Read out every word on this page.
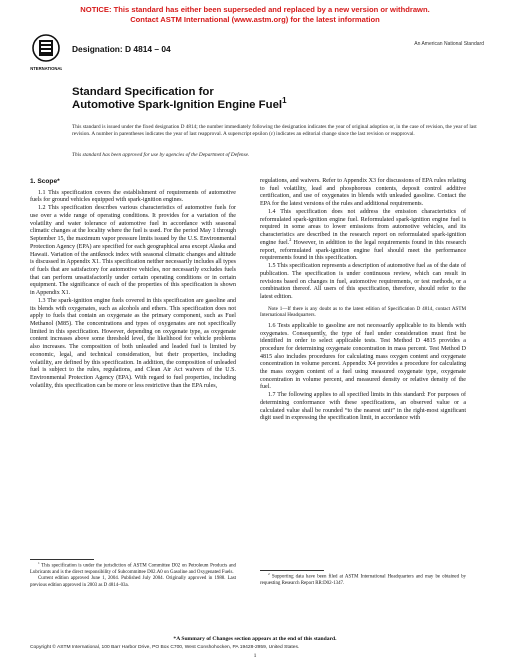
NOTICE: This standard has either been superseded and replaced by a new version or withdrawn.
Contact ASTM International (www.astm.org) for the latest information
INTERNATIONAL
Designation: D 4814 – 04	An American National Standard
Standard Specification for
Automotive Spark-Ignition Engine Fuel$^1$
This standard is issued under the fixed designation D 4814; the number immediately following the designation indicates the year of original adoption or, in the case of revision, the year of last revision. A number in parentheses indicates the year of last reapproval. A superscript epsilon (ε) indicates an editorial change since the last revision or reapproval.
This standard has been approved for use by agencies of the Department of Defense.
1. Scope*

1.1 This specification covers the establishment of requirements of automotive fuels for ground vehicles equipped with spark-ignition engines.

1.2 This specification describes various characteristics of automotive fuels for use over a wide range of operating conditions. It provides for a variation of the volatility and water tolerance of automotive fuel in accordance with seasonal climatic changes at the locality where the fuel is used. For the period May 1 through September 15, the maximum vapor pressure limits issued by the U.S. Environmental Protection Agency (EPA) are specified for each geographical area except Alaska and Hawaii. Variation of the antiknock index with seasonal climatic changes and altitude is discussed in Appendix X1. This specification neither necessarily includes all types of fuels that are satisfactory for automotive vehicles, nor necessarily excludes fuels that can perform unsatisfactorily under certain operating conditions or in certain equipment. The significance of each of the properties of this specification is shown in Appendix X1.

1.3 The spark-ignition engine fuels covered in this specification are gasoline and its blends with oxygenates, such as alcohols and ethers. This specification does not apply to fuels that contain an oxygenate as the primary component, such as Fuel Methanol (M85). The concentrations and types of oxygenates are not specifically limited in this specification. However, depending on oxygenate type, as oxygenate content increases above some threshold level, the likelihood for vehicle problems also increases. The composition of both unleaded and leaded fuel is limited by economic, legal, and technical consideration, but their properties, including volatility, are defined by this specification. In addition, the composition of unleaded fuel is subject to the rules, regulations, and Clean Air Act waivers of the U.S. Environmental Protection Agency (EPA). With regard to fuel properties, including volatility, this specification can be more or less restrictive than the EPA rules,

regulations, and waivers. Refer to Appendix X3 for discussions of EPA rules relating to fuel volatility, lead and phosphorous contents, deposit control additive certification, and use of oxygenates in blends with unleaded gasoline. Contact the EPA for the latest versions of the rules and additional requirements.

1.4 This specification does not address the emission characteristics of reformulated spark-ignition engine fuel. Reformulated spark-ignition engine fuel is required in some areas to lower emissions from automotive vehicles, and its characteristics are described in the research report on reformulated spark-ignition engine fuel.$^2$ However, in addition to the legal requirements found in this research report, reformulated spark-ignition engine fuel should meet the performance requirements found in this specification.

1.5 This specification represents a description of automotive fuel as of the date of publication. The specification is under continuous review, which can result in revisions based on changes in fuel, automotive requirements, or test methods, or a combination thereof. All users of this specification, therefore, should refer to the latest edition.

Note 1—If there is any doubt as to the latest edition of Specification D 4814, contact ASTM International Headquarters.

1.6 Tests applicable to gasoline are not necessarily applicable to its blends with oxygenates. Consequently, the type of fuel under consideration must first be identified in order to select applicable tests. Test Method D 4815 provides a procedure for determining oxygenate concentration in mass percent. Test Method D 4815 also includes procedures for calculating mass oxygen content and oxygenate concentration in volume percent. Appendix X4 provides a procedure for calculating the mass oxygen content of a fuel using measured oxygenate type, oxygenate concentration in volume percent, and measured density or relative density of the fuel.

1.7 The following applies to all specified limits in this standard: For purposes of determining conformance with these specifications, an observed value or a calculated value shall be rounded “to the nearest unit” in the right-most significant digit used in expressing the specification limit, in accordance with

$^1$ This specification is under the jurisdiction of ASTM Committee D02 on Petroleum Products and Lubricants and is the direct responsibility of Subcommittee D02.A0 on Gasoline and Oxygenated Fuels.

Current edition approved June 1, 2004. Published July 2004. Originally approved in 1988. Last previous edition approved in 2003 as D 4814–03a.

$^2$ Supporting data have been filed at ASTM International Headquarters and may be obtained by requesting Research Report RR:D02-1347.

*A Summary of Changes section appears at the end of this standard.
Copyright © ASTM International, 100 Barr Harbor Drive, PO Box C700, West Conshohocken, PA 19428-2959, United States.
1
